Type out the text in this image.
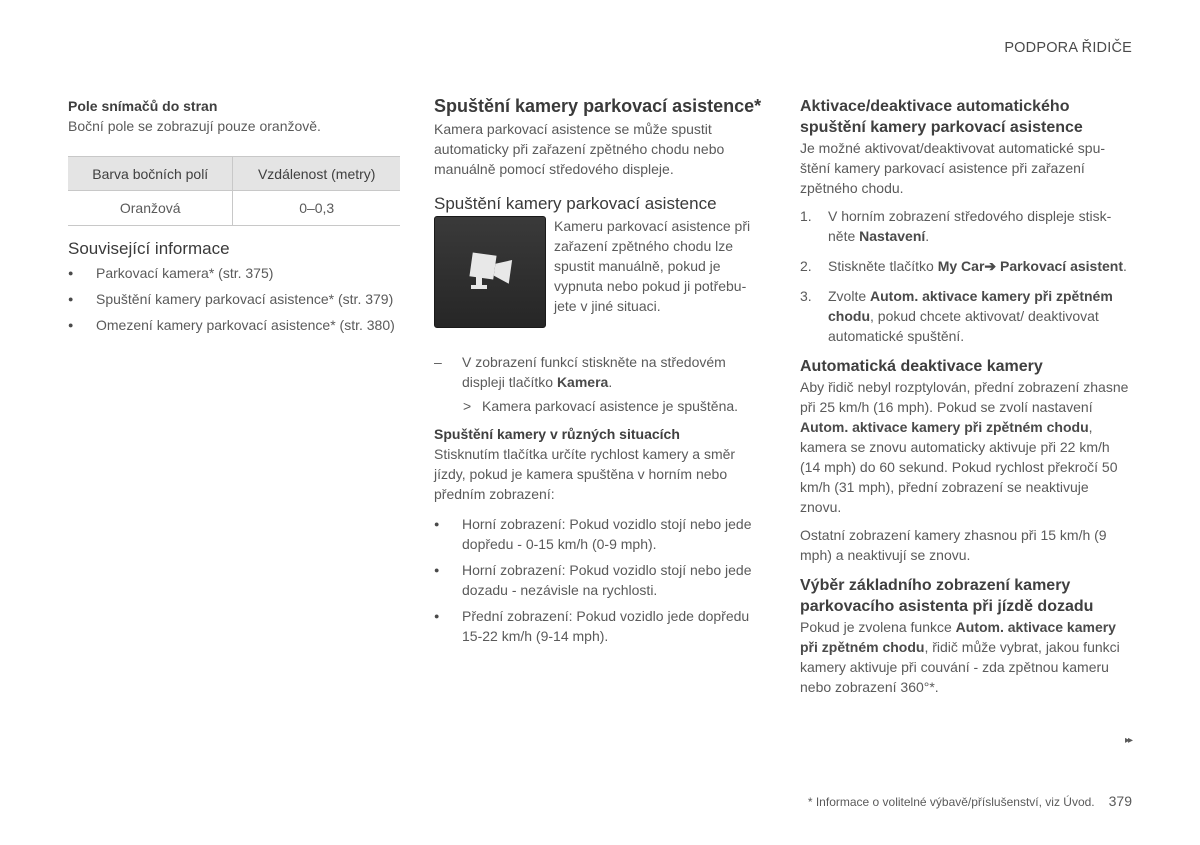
PODPORA ŘIDIČE

Pole snímačů do stran

Boční pole se zobrazují pouze oranžově.

Barva bočních polí	Vzdálenost (metry)
Oranžová	0–0,3

Související informace

● Parkovací kamera* (str. 375)
● Spuštění kamery parkovací asistence* (str. 379)
● Omezení kamery parkovací asistence* (str. 380)

Spuštění kamery parkovací asistence*

Kamera parkovací asistence se může spustit automaticky při zařazení zpětného chodu nebo manuálně pomocí středového displeje.

Spuštění kamery parkovací asistence

Kameru parkovací asistence při zařazení zpětného chodu lze spustit manuálně, pokud je vypnuta nebo pokud ji potřebu- jete v jiné situaci.

– V zobrazení funkcí stiskněte na středovém displeji tlačítko Kamera.

> Kamera parkovací asistence je spuštěna.

Spuštění kamery v různých situacích

Stisknutím tlačítka určíte rychlost kamery a směr jízdy, pokud je kamera spuštěna v horním nebo předním zobrazení:

● Horní zobrazení: Pokud vozidlo stojí nebo jede dopředu - 0-15 km/h (0-9 mph).
● Horní zobrazení: Pokud vozidlo stojí nebo jede dozadu - nezávisle na rychlosti.
● Přední zobrazení: Pokud vozidlo jede dopředu 15-22 km/h (9-14 mph).

Aktivace/deaktivace automatického spuštění kamery parkovací asistence

Je možné aktivovat/deaktivovat automatické spu- štění kamery parkovací asistence při zařazení zpětného chodu.

1. V horním zobrazení středového displeje stisk- něte Nastavení.
2. Stiskněte tlačítko My Car➔ Parkovací asistent.
3. Zvolte Autom. aktivace kamery při zpětném chodu, pokud chcete aktivovat/ deaktivovat automatické spuštění.

Automatická deaktivace kamery

Aby řidič nebyl rozptylován, přední zobrazení zhasne při 25 km/h (16 mph). Pokud se zvolí nastavení Autom. aktivace kamery při zpětném chodu, kamera se znovu automaticky aktivuje při 22 km/h (14 mph) do 60 sekund. Pokud rychlost překročí 50 km/h (31 mph), přední zobrazení se neaktivuje znovu.

Ostatní zobrazení kamery zhasnou při 15 km/h (9 mph) a neaktivují se znovu.

Výběr základního zobrazení kamery parkovacího asistenta při jízdě dozadu

Pokud je zvolena funkce Autom. aktivace kamery při zpětném chodu, řidič může vybrat, jakou funkci kamery aktivuje při couvání - zda zpětnou kameru nebo zobrazení 360°*.

▸▸
* Informace o volitelné výbavě/příslušenství, viz Úvod. 379
